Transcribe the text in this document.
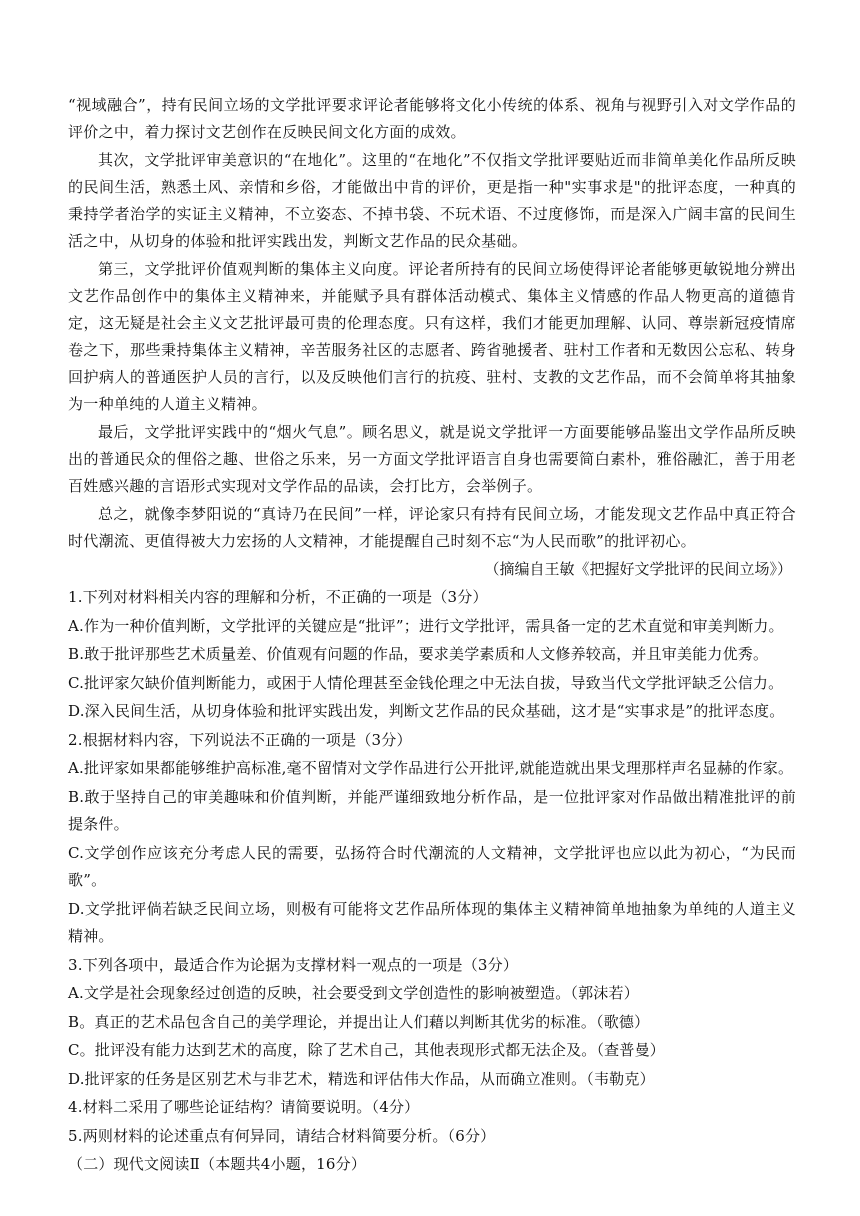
“视域融合”，持有民间立场的文学批评要求评论者能够将文化小传统的体系、视角与视野引入对文学作品的评价之中，着力探讨文艺创作在反映民间文化方面的成效。

其次，文学批评审美意识的“在地化”。这里的“在地化”不仅指文学批评要贴近而非简单美化作品所反映的民间生活，熟悉土风、亲情和乡俗，才能做出中肯的评价，更是指一种"实事求是"的批评态度，一种真的秉持学者治学的实证主义精神，不立姿态、不掉书袋、不玩术语、不过度修饰，而是深入广阔丰富的民间生活之中，从切身的体验和批评实践出发，判断文艺作品的民众基础。

第三，文学批评价值观判断的集体主义向度。评论者所持有的民间立场使得评论者能够更敏锐地分辨出文艺作品创作中的集体主义精神来，并能赋予具有群体活动模式、集体主义情感的作品人物更高的道德肯定，这无疑是社会主义文艺批评最可贵的伦理态度。只有这样，我们才能更加理解、认同、尊崇新冠疫情席卷之下，那些秉持集体主义精神，辛苦服务社区的志愿者、跨省驰援者、驻村工作者和无数因公忘私、转身回护病人的普通医护人员的言行，以及反映他们言行的抗疫、驻村、支教的文艺作品，而不会简单将其抽象为一种单纯的人道主义精神。

最后，文学批评实践中的“烟火气息”。顾名思义，就是说文学批评一方面要能够品鉴出文学作品所反映出的普通民众的俚俗之趣、世俗之乐来，另一方面文学批评语言自身也需要简白素朴，雅俗融汇，善于用老百姓感兴趣的言语形式实现对文学作品的品读，会打比方，会举例子。

总之，就像李梦阳说的“真诗乃在民间”一样，评论家只有持有民间立场，才能发现文艺作品中真正符合时代潮流、更值得被大力宏扬的人文精神，才能提醒自己时刻不忘“为人民而歌”的批评初心。

（摘编自王敏《把握好文学批评的民间立场》）

1.下列对材料相关内容的理解和分析，不正确的一项是（3分）

A.作为一种价值判断，文学批评的关键应是“批评”；进行文学批评，需具备一定的艺术直觉和审美判断力。

B.敢于批评那些艺术质量差、价值观有问题的作品，要求美学素质和人文修养较高，并且审美能力优秀。

C.批评家欠缺价值判断能力，或困于人情伦理甚至金钱伦理之中无法自拔，导致当代文学批评缺乏公信力。

D.深入民间生活，从切身体验和批评实践出发，判断文艺作品的民众基础，这才是“实事求是”的批评态度。

2.根据材料内容，下列说法不正确的一项是（3分）

A.批评家如果都能够维护高标准,毫不留情对文学作品进行公开批评,就能造就出果戈理那样声名显赫的作家。

B.敢于坚持自己的审美趣味和价值判断，并能严谨细致地分析作品，是一位批评家对作品做出精准批评的前提条件。

C.文学创作应该充分考虑人民的需要，弘扬符合时代潮流的人文精神，文学批评也应以此为初心，“为民而歌”。

D.文学批评倘若缺乏民间立场，则极有可能将文艺作品所体现的集体主义精神简单地抽象为单纯的人道主义精神。

3.下列各项中，最适合作为论据为支撑材料一观点的一项是（3分）

A.文学是社会现象经过创造的反映，社会要受到文学创造性的影响被塑造。（郭沫若）

B。真正的艺术品包含自己的美学理论，并提出让人们藉以判断其优劣的标准。（歌德）

C。批评没有能力达到艺术的高度，除了艺术自己，其他表现形式都无法企及。（查普曼）

D.批评家的任务是区别艺术与非艺术，精选和评估伟大作品，从而确立准则。（韦勒克）

4.材料二采用了哪些论证结构？请简要说明。（4分）

5.两则材料的论述重点有何异同，请结合材料简要分析。（6分）

（二）现代文阅读Ⅱ（本题共4小题，16分）
